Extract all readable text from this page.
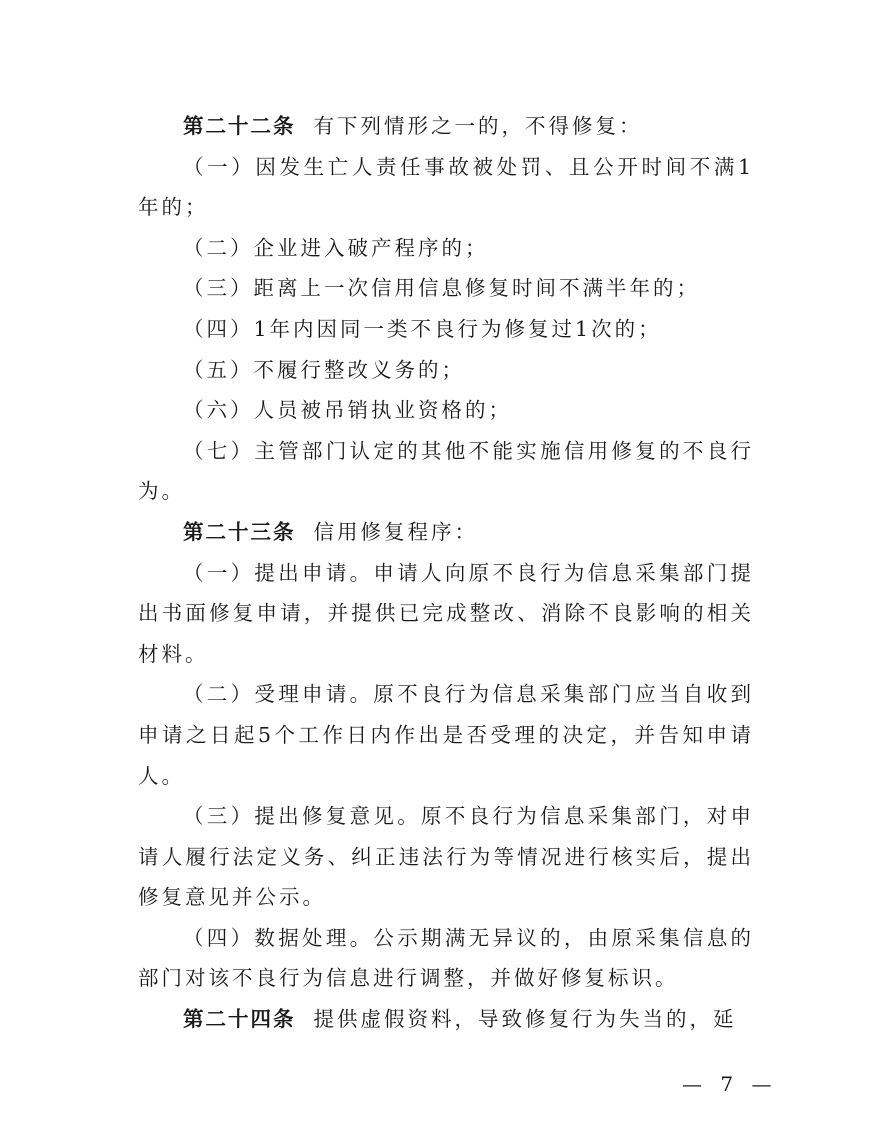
第二十二条 有下列情形之一的，不得修复：

（一）因发生亡人责任事故被处罚、且公开时间不满1年的；

（二）企业进入破产程序的；

（三）距离上一次信用信息修复时间不满半年的；

（四）1年内因同一类不良行为修复过1次的；

（五）不履行整改义务的；

（六）人员被吊销执业资格的；

（七）主管部门认定的其他不能实施信用修复的不良行为。

第二十三条 信用修复程序：

（一）提出申请。申请人向原不良行为信息采集部门提出书面修复申请，并提供已完成整改、消除不良影响的相关材料。

（二）受理申请。原不良行为信息采集部门应当自收到申请之日起5个工作日内作出是否受理的决定，并告知申请人。

（三）提出修复意见。原不良行为信息采集部门，对申请人履行法定义务、纠正违法行为等情况进行核实后，提出修复意见并公示。

（四）数据处理。公示期满无异议的，由原采集信息的部门对该不良行为信息进行调整，并做好修复标识。

第二十四条 提供虚假资料，导致修复行为失当的，延

— 7 —
